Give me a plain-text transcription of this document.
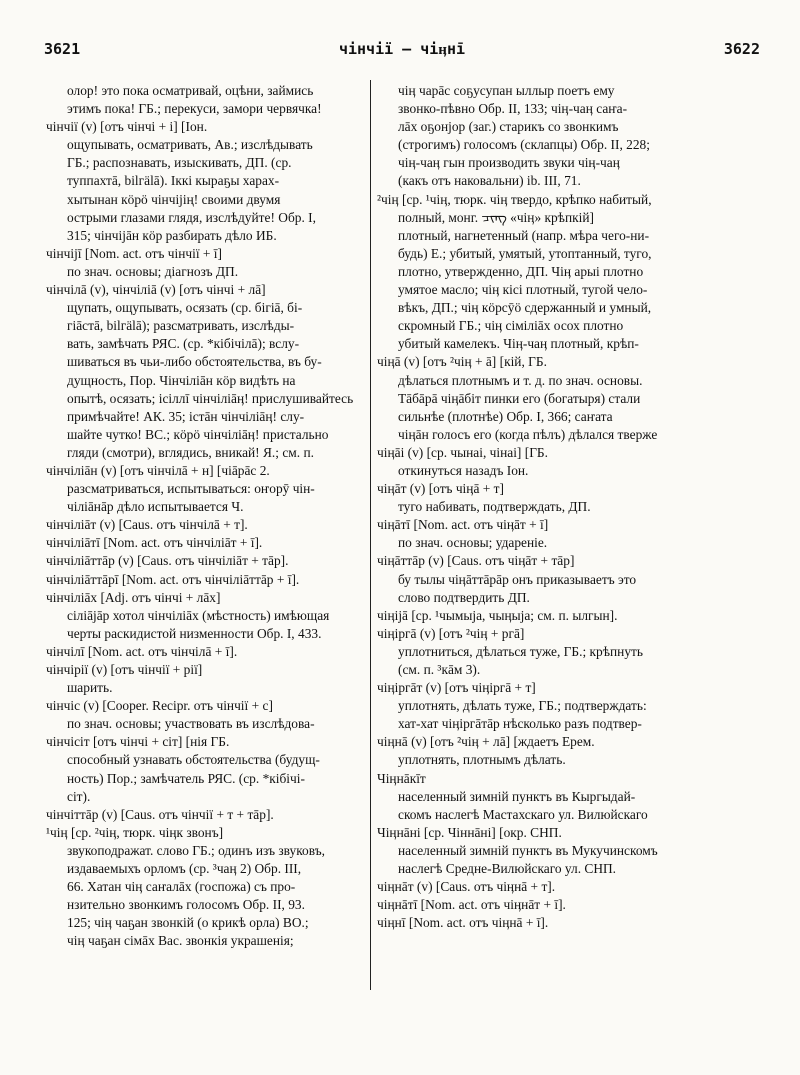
3621	чінчії — чіӊнī	3622

олор! это пока осматривай, оцѣни, займись

этимъ пока! ГБ.; перекуси, замори червячка!

чінчії (v) [отъ чінчі + і] [Іон.

ощупывать, осматривать, Ав.; изслѣдывать

ГБ.; распознавать, изыскивать, ДП. (ср.

туппахтā, bilгälā). Іккі кыраҕы харах-

хытынан кöрö чінчіјің! своими двумя

острыми глазами глядя, изслѣдуйте! Обр. I,

315; чінчіјāн кöр разбирать дѣло ИБ.

чінчіjī [Nom. act. отъ чінчії + ī]

по знач. основы; діагнозъ ДП.

чінчілā (v), чінчіліā (v) [отъ чінчі + лā]

щупать, ощупывать, осязать (ср. бігіā, бі-

гіāстā, bilгälā); разсматривать, изслѣды-

вать, замѣчать РЯС. (ср. *кібічілā); вслу-

шиваться въ чьи-либо обстоятельства, въ бу-

дущность, Пор. Чінчіліāн кöр видѣть на

опытѣ, осязать; ісіллī чінчіліāӊ! прислушивайтесь

примѣчайте! АК. 35; істāн чінчіліāӊ! слу-

шайте чутко! ВС.; кöрö чінчіліāӊ! пристально

гляди (смотри), вглядись, вникай! Я.; см. п.

чінчіліāн (v) [отъ чінчілā + н] [чіāрāс 2.

разсматриваться, испытываться: оҥорӯ чін-

чіліāнāр дѣло испытывается Ч.

чінчіліāт (v) [Caus. отъ чінчілā + т].

чінчіліāтī [Nom. act. отъ чінчіліāт + ī].

чінчіліāттāр (v) [Caus. отъ чінчіліāт + тāр].

чінчіліāттāрī [Nom. act. отъ чінчіліāттāр + ī].

чінчіліāх [Adj. отъ чінчі + лāх]

сіліāјāр хотол чінчіліāх (мѣстность) имѣющая

черты раскидистой низменности Обр. I, 433.

чінчілī [Nom. act. отъ чінчілā + ī].

чінчірії (v) [отъ чінчії + рії]

шарить.

чінчіс (v) [Cooper. Recipr. отъ чінчії + с]

по знач. основы; участвовать въ изслѣдова-

чінчісіт [отъ чінчі + сіт] [нія ГБ.

способный узнавать обстоятельства (будущ-

ность) Пор.; замѣчатель РЯС. (ср. *кібічі-

сіт).

чінчіттāр (v) [Caus. отъ чінчії + т + тāр].

¹чіӊ [ср. ²чіӊ, тюрк. чіӊк звонъ]

звукоподражат. слово ГБ.; одинъ изъ звуковъ,

издаваемыхъ орломъ (ср. ³чаӊ 2) Обр. III,

66. Хатан чіӊ саҥалāх (госпожа) съ про-

нзительно звонкимъ голосомъ Обр. II, 93.

125; чіӊ чаҕан звонкій (о крикѣ орла) ВО.;

чіӊ чаҕан сімāх Вас. звонкія украшенія;

чіӊ чарāс соҕусупан ыллыр поетъ ему

звонко-пѣвно Обр. II, 133; чіӊ-чаӊ саҥа-

лāх оҕонjор (заг.) старикъ со звонкимъ

(строгимъ) голосомъ (склапцы) Обр. II, 228;

чіӊ-чаӊ гын производить звуки чіӊ-чаӊ

(какъ отъ наковальни) ib. III, 71.

²чіӊ [ср. ¹чіӊ, тюрк. чіӊ твердо, крѣпко набитый,

полный, монг. ᠴᠢᠩ «чіӊ» крѣпкій]

плотный, нагнетенный (напр. мѣра чего-ни-

будь) Е.; убитый, умятый, утоптанный, туго,

плотно, утвержденно, ДП. Чіӊ арыі плотно

умятое масло; чіӊ кісі плотный, тугой чело-

вѣкъ, ДП.; чіӊ кöрсӯö сдержанный и умный,

скромный ГБ.; чіӊ сіміліāх осох плотно

убитый камелекъ. Чіӊ-чаӊ плотный, крѣп-

чіӊā (v) [отъ ²чіӊ + ā] [кій, ГБ.

дѣлаться плотнымъ и т. д. по знач. основы.

Тāбāрā чіӊāбіт пинки его (богатыря) стали

сильнѣе (плотнѣе) Обр. I, 366; саҥата

чіӊāн голосъ его (когда пѣлъ) дѣлался тверже

чіӊāі (v) [ср. чынаі, чінаі] [ГБ.

откинуться назадъ Іон.

чіӊāт (v) [отъ чіӊā + т]

туго набивать, подтверждать, ДП.

чіӊāтī [Nom. act. отъ чіӊāт + ī]

по знач. основы; удареніе.

чіӊāттāр (v) [Caus. отъ чіӊāт + тāр]

бу тылы чіӊāттāрāр онъ приказываетъ это

слово подтвердить ДП.

чіӊіјā [ср. ¹чымыја, чыӊыја; см. п. ылгын].

чіӊіргā (v) [отъ ²чіӊ + ргā]

уплотниться, дѣлаться туже, ГБ.; крѣпнуть

(см. п. ³кāм 3).

чіӊіргāт (v) [отъ чіӊіргā + т]

уплотнять, дѣлать туже, ГБ.; подтверждать:

хат-хат чіӊіргāтāр нѣсколько разъ подтвер-

чіӊнā (v) [отъ ²чіӊ + лā] [ждаетъ Ерем.

уплотнять, плотнымъ дѣлать.

Чіӊнāкīт

населенный зимній пунктъ въ Кыргыдай-

скомъ наслегѣ Мастахскаго ул. Вилюйскаго

Чіӊнāні [ср. Чіннāні] [окр. СНП.

населенный зимній пунктъ въ Мукучинскомъ

наслегѣ Средне-Вилюйскаго ул. СНП.

чіӊнāт (v) [Caus. отъ чіӊнā + т].

чіӊнāтī [Nom. act. отъ чіӊнāт + ī].

чіӊнī [Nom. act. отъ чіӊнā + ī].
